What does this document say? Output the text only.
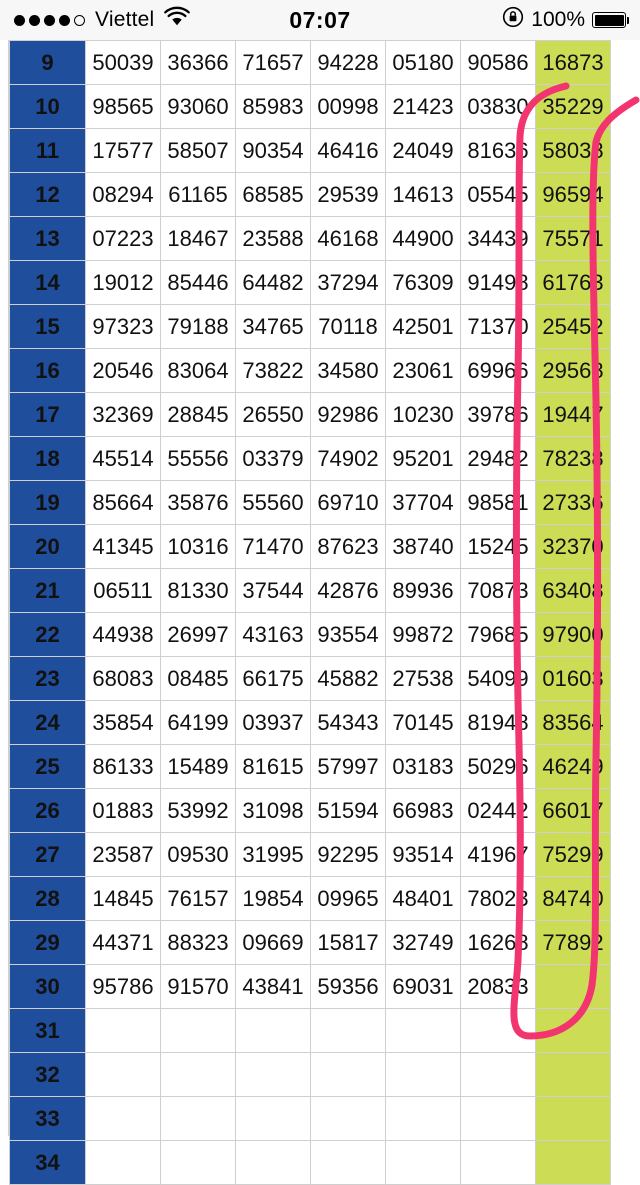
Viettel	07:07	100%
9	50039	36366	71657	94228	05180	90586	16873
10	98565	93060	85983	00998	21423	03830	35229
11	17577	58507	90354	46416	24049	81636	58038
12	08294	61165	68585	29539	14613	05545	96594
13	07223	18467	23588	46168	44900	34439	75571
14	19012	85446	64482	37294	76309	91498	61763
15	97323	79188	34765	70118	42501	71370	25452
16	20546	83064	73822	34580	23061	69966	29568
17	32369	28845	26550	92986	10230	39786	19447
18	45514	55556	03379	74902	95201	29482	78238
19	85664	35876	55560	69710	37704	98581	27336
20	41345	10316	71470	87623	38740	15245	32370
21	06511	81330	37544	42876	89936	70873	63408
22	44938	26997	43163	93554	99872	79685	97900
23	68083	08485	66175	45882	27538	54099	01603
24	35854	64199	03937	54343	70145	81948	83564
25	86133	15489	81615	57997	03183	50296	46249
26	01883	53992	31098	51594	66983	02442	66017
27	23587	09530	31995	92295	93514	41967	75299
28	14845	76157	19854	09965	48401	78023	84740
29	44371	88323	09669	15817	32749	16268	77892
30	95786	91570	43841	59356	69031	20833	
31							
32							
33							
34							
